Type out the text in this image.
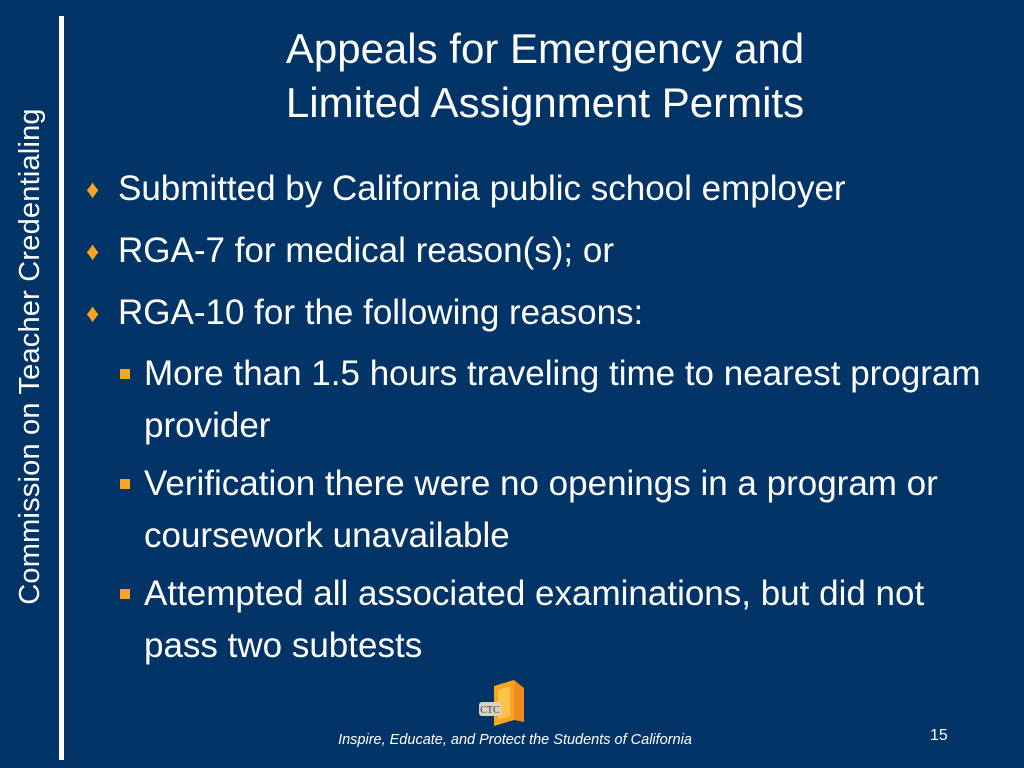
Commission on Teacher Credentialing
Appeals for Emergency and
Limited Assignment Permits
♦ Submitted by California public school employer
♦ RGA-7 for medical reason(s); or
♦ RGA-10 for the following reasons:
More than 1.5 hours traveling time to nearest program provider
Verification there were no openings in a program or coursework unavailable
Attempted all associated examinations, but did not pass two subtests
CTC
Inspire, Educate, and Protect the Students of California	15
